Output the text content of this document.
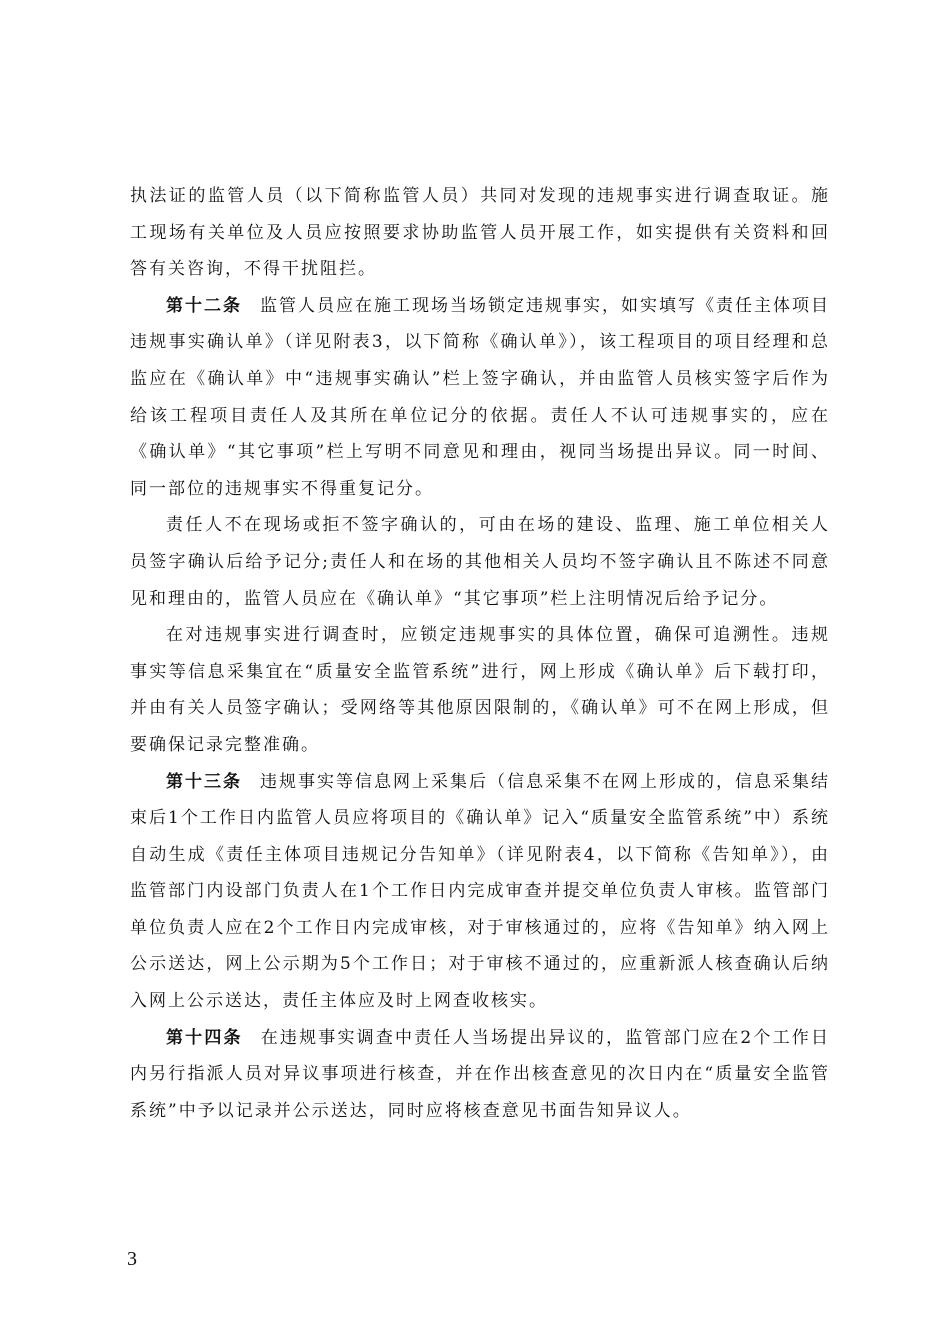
执法证的监管人员（以下简称监管人员）共同对发现的违规事实进行调查取证。施工现场有关单位及人员应按照要求协助监管人员开展工作，如实提供有关资料和回答有关咨询，不得干扰阻拦。

第十二条 监管人员应在施工现场当场锁定违规事实，如实填写《责任主体项目违规事实确认单》（详见附表3，以下简称《确认单》），该工程项目的项目经理和总监应在《确认单》中“违规事实确认”栏上签字确认，并由监管人员核实签字后作为给该工程项目责任人及其所在单位记分的依据。责任人不认可违规事实的，应在《确认单》“其它事项”栏上写明不同意见和理由，视同当场提出异议。同一时间、同一部位的违规事实不得重复记分。

责任人不在现场或拒不签字确认的，可由在场的建设、监理、施工单位相关人员签字确认后给予记分;责任人和在场的其他相关人员均不签字确认且不陈述不同意见和理由的，监管人员应在《确认单》“其它事项”栏上注明情况后给予记分。

在对违规事实进行调查时，应锁定违规事实的具体位置，确保可追溯性。违规事实等信息采集宜在“质量安全监管系统”进行，网上形成《确认单》后下载打印，并由有关人员签字确认；受网络等其他原因限制的，《确认单》可不在网上形成，但要确保记录完整准确。

第十三条 违规事实等信息网上采集后（信息采集不在网上形成的，信息采集结束后1个工作日内监管人员应将项目的《确认单》记入“质量安全监管系统”中）系统自动生成《责任主体项目违规记分告知单》（详见附表4，以下简称《告知单》），由监管部门内设部门负责人在1个工作日内完成审查并提交单位负责人审核。监管部门单位负责人应在2个工作日内完成审核，对于审核通过的，应将《告知单》纳入网上公示送达，网上公示期为5个工作日；对于审核不通过的，应重新派人核查确认后纳入网上公示送达，责任主体应及时上网查收核实。

第十四条 在违规事实调查中责任人当场提出异议的，监管部门应在2个工作日内另行指派人员对异议事项进行核查，并在作出核查意见的次日内在“质量安全监管系统”中予以记录并公示送达，同时应将核查意见书面告知异议人。

3
